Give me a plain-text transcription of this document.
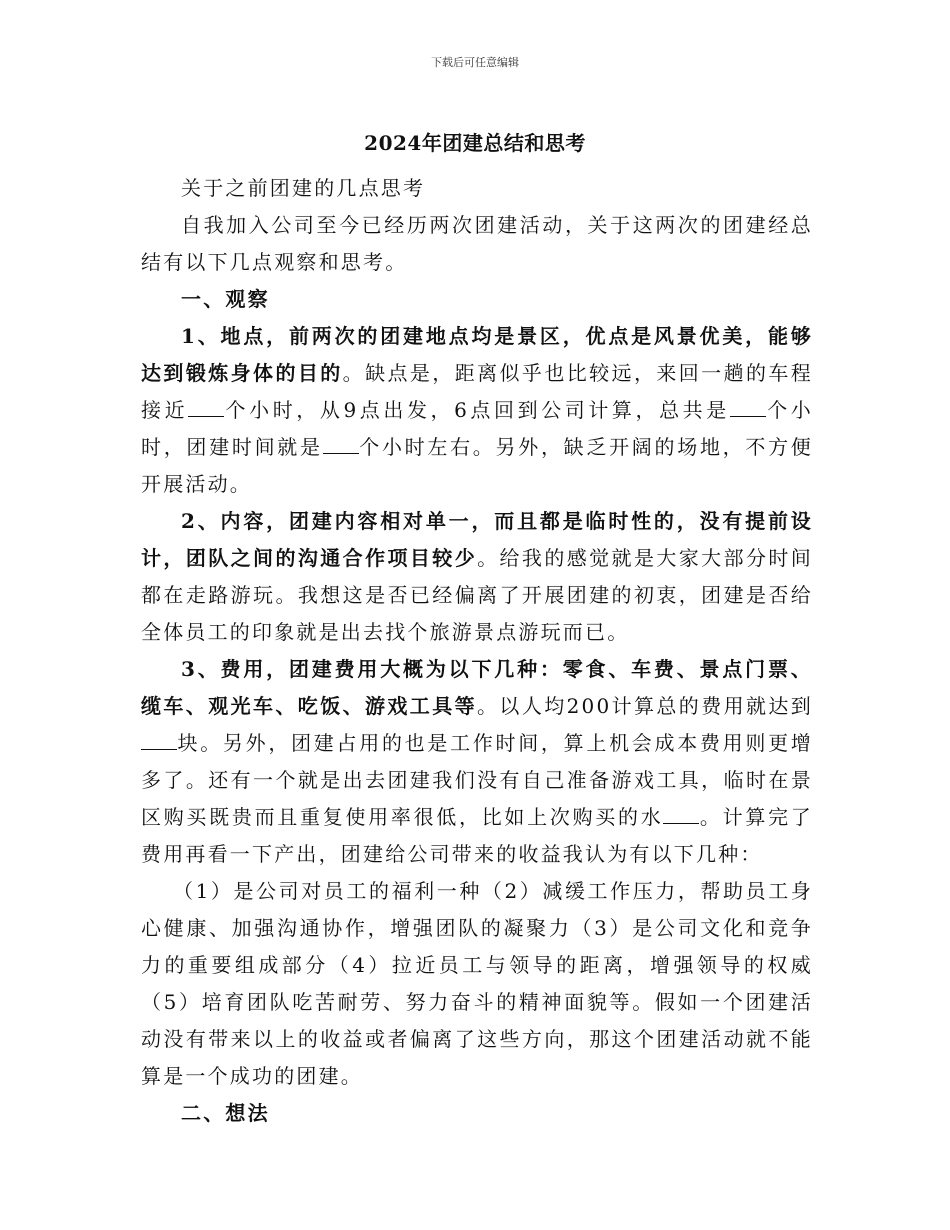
下载后可任意编辑
2024年团建总结和思考

关于之前团建的几点思考

自我加入公司至今已经历两次团建活动，关于这两次的团建经总结有以下几点观察和思考。

一、观察

1、地点，前两次的团建地点均是景区，优点是风景优美，能够达到锻炼身体的目的。缺点是，距离似乎也比较远，来回一趟的车程接近 个小时，从9点出发，6点回到公司计算，总共是 个小时，团建时间就是 个小时左右。另外，缺乏开阔的场地，不方便开展活动。

2、内容，团建内容相对单一，而且都是临时性的，没有提前设计，团队之间的沟通合作项目较少。给我的感觉就是大家大部分时间都在走路游玩。我想这是否已经偏离了开展团建的初衷，团建是否给全体员工的印象就是出去找个旅游景点游玩而已。

3、费用，团建费用大概为以下几种：零食、车费、景点门票、缆车、观光车、吃饭、游戏工具等。以人均200计算总的费用就达到块。另外，团建占用的也是工作时间，算上机会成本费用则更增多了。还有一个就是出去团建我们没有自己准备游戏工具，临时在景区购买既贵而且重复使用率很低，比如上次购买的水 。计算完了费用再看一下产出，团建给公司带来的收益我认为有以下几种：

（1）是公司对员工的福利一种（2）减缓工作压力，帮助员工身心健康、加强沟通协作，增强团队的凝聚力（3）是公司文化和竞争力的重要组成部分（4）拉近员工与领导的距离，增强领导的权威（5）培育团队吃苦耐劳、努力奋斗的精神面貌等。假如一个团建活动没有带来以上的收益或者偏离了这些方向，那这个团建活动就不能算是一个成功的团建。

二、想法
